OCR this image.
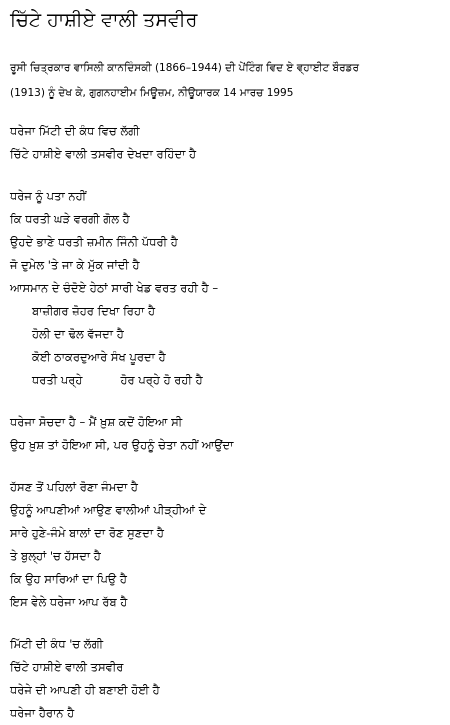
ਚਿੱਟੇ ਹਾਸ਼ੀਏ ਵਾਲੀ ਤਸਵੀਰ
ਰੂਸੀ ਚਿਤ੍ਰਕਾਰ ਵਾਸਿਲੀ ਕਾਨਦਿੰਸਕੀ (1866–1944) ਦੀ ਪੇਂਟਿੰਗ ਵਿਦ ਏ ਵ੍ਹਾਈਟ ਬੌਰਡਰ
(1913) ਨੂੰ ਦੇਖ ਕੇ, ਗੁਗਨਹਾਈਮ ਮਿਊਜ਼ਮ, ਨੀਊਯਾਰਕ 14 ਮਾਰਚ 1995
ਧਰੇਜਾ ਮਿੱਟੀ ਦੀ ਕੰਧ ਵਿਚ ਲੱਗੀ
ਚਿੱਟੇ ਹਾਸ਼ੀਏ ਵਾਲੀ ਤਸਵੀਰ ਦੇਖਦਾ ਰਹਿੰਦਾ ਹੈ
ਧਰੇਜ ਨੂੰ ਪਤਾ ਨਹੀਂ
ਕਿ ਧਰਤੀ ਘੜੇ ਵਰਗੀ ਗੋਲ ਹੈ
ਉਹਦੇ ਭਾਣੇ ਧਰਤੀ ਜ਼ਮੀਨ ਜਿੰਨੀ ਪੱਧਰੀ ਹੈ
ਜੋ ਦੁਮੇਲ 'ਤੇ ਜਾ ਕੇ ਮੁੱਕ ਜਾਂਦੀ ਹੈ
ਆਸਮਾਨ ਦੇ ਚੰਦੋਏ ਹੇਠਾਂ ਸਾਰੀ ਖੇਡ ਵਰਤ ਰਹੀ ਹੈ –
ਬਾਜ਼ੀਗਰ ਜ਼ੋਹਰ ਦਿਖਾ ਰਿਹਾ ਹੈ
ਹੋਲੀ ਦਾ ਢੋਲ ਵੱਜਦਾ ਹੈ
ਕੋਈ ਠਾਕਰਦੁਆਰੇ ਸੰਖ ਪੂਰਦਾ ਹੈ
ਧਰਤੀ ਪਰ੍ਹੇ	ਹੋਰ ਪਰ੍ਹੇ ਹੋ ਰਹੀ ਹੈ
ਧਰੇਜਾ ਸੋਚਦਾ ਹੈ – ਮੈਂ ਖ਼ੁਸ਼ ਕਦੋਂ ਹੋਇਆ ਸੀ
ਉਹ ਖ਼ੁਸ਼ ਤਾਂ ਹੋਇਆ ਸੀ, ਪਰ ਉਹਨੂੰ ਚੇਤਾ ਨਹੀਂ ਆਉਂਦਾ
ਹੱਸਣ ਤੋਂ ਪਹਿਲਾਂ ਰੋਣਾ ਜੰਮਦਾ ਹੈ
ਉਹਨੂੰ ਆਪਣੀਆਂ ਆਉਣ ਵਾਲੀਆਂ ਪੀੜ੍ਹੀਆਂ ਦੇ
ਸਾਰੇ ਹੁਣੇ-ਜੰਮੇ ਬਾਲਾਂ ਦਾ ਰੋਣ ਸੁਣਦਾ ਹੈ
ਤੇ ਬੁਲ੍ਹਾਂ 'ਚ ਹੱਸਦਾ ਹੈ
ਕਿ ਉਹ ਸਾਰਿਆਂ ਦਾ ਪਿਉ ਹੈ
ਇਸ ਵੇਲੇ ਧਰੇਜਾ ਆਪ ਰੱਬ ਹੈ
ਮਿੱਟੀ ਦੀ ਕੰਧ 'ਚ ਲੱਗੀ
ਚਿੱਟੇ ਹਾਸ਼ੀਏ ਵਾਲੀ ਤਸਵੀਰ
ਧਰੇਜੇ ਦੀ ਆਪਣੀ ਹੀ ਬਣਾਈ ਹੋਈ ਹੈ
ਧਰੇਜਾ ਹੈਰਾਨ ਹੈ
